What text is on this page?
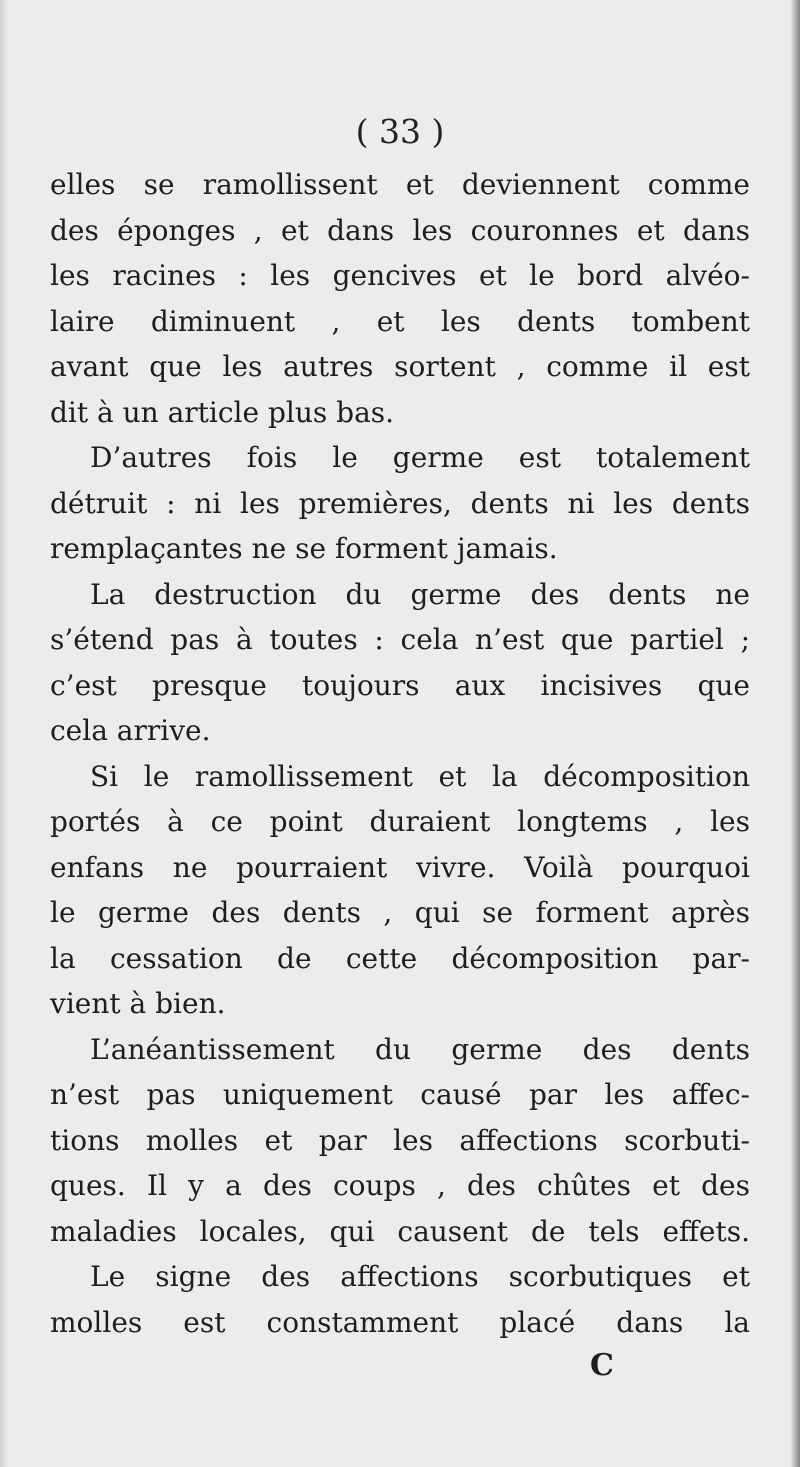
( 33 )
elles se ramollissent et deviennent comme
des éponges , et dans les couronnes et dans
les racines : les gencives et le bord alvéo-
laire diminuent , et les dents tombent
avant que les autres sortent , comme il est
dit à un article plus bas.
D’autres fois le germe est totalement
détruit : ni les premières, dents ni les dents
remplaçantes ne se forment jamais.
La destruction du germe des dents ne
s’étend pas à toutes : cela n’est que partiel ;
c’est presque toujours aux incisives que
cela arrive.
Si le ramollissement et la décomposition
portés à ce point duraient longtems , les
enfans ne pourraient vivre. Voilà pourquoi
le germe des dents , qui se forment après
la cessation de cette décomposition par-
vient à bien.
L’anéantissement du germe des dents
n’est pas uniquement causé par les affec-
tions molles et par les affections scorbuti-
ques. Il y a des coups , des chûtes et des
maladies locales, qui causent de tels effets.
Le signe des affections scorbutiques et
molles est constamment placé dans la
C
